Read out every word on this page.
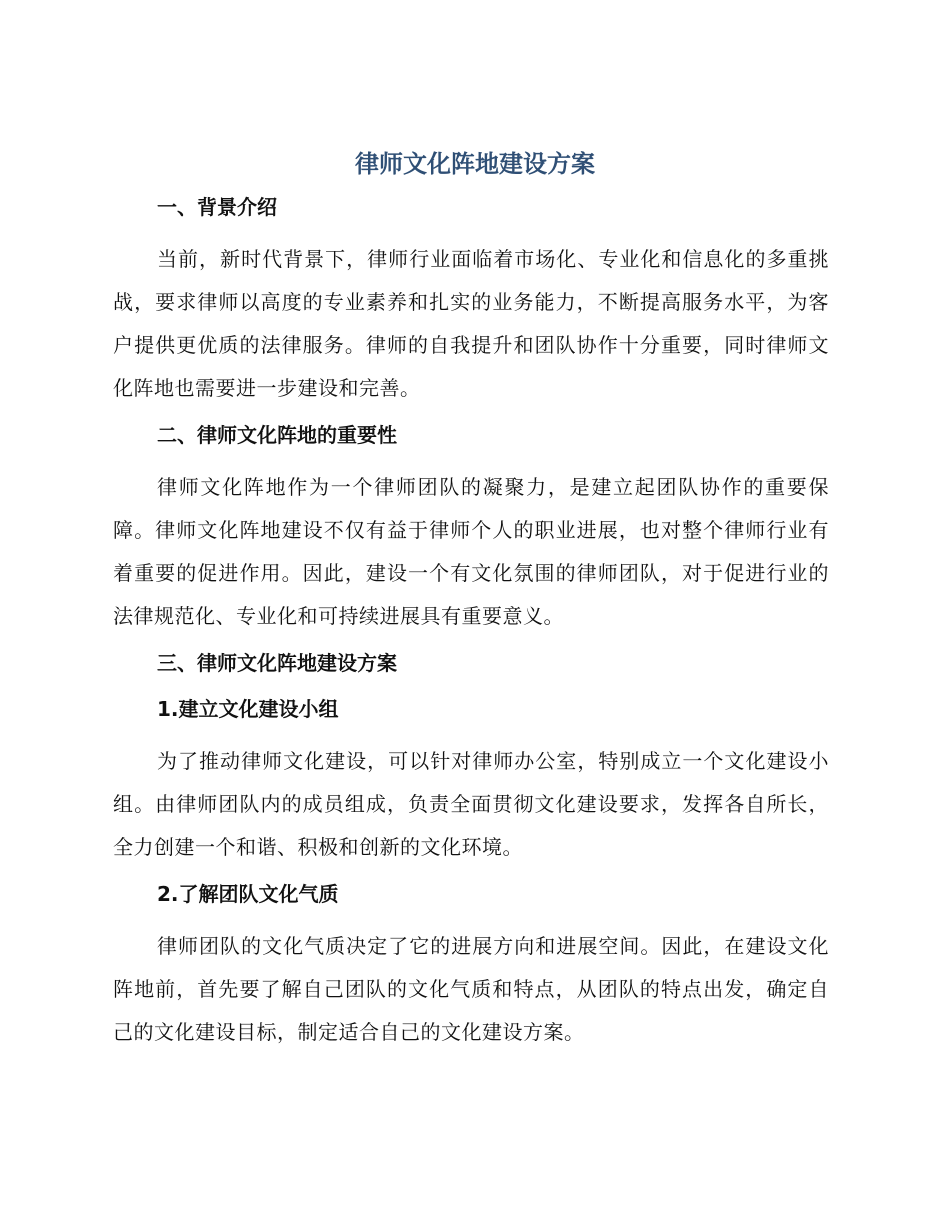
律师文化阵地建设方案
一、背景介绍

当前，新时代背景下，律师行业面临着市场化、专业化和信息化的多重挑战，要求律师以高度的专业素养和扎实的业务能力，不断提高服务水平，为客户提供更优质的法律服务。律师的自我提升和团队协作十分重要，同时律师文化阵地也需要进一步建设和完善。

二、律师文化阵地的重要性

律师文化阵地作为一个律师团队的凝聚力，是建立起团队协作的重要保障。律师文化阵地建设不仅有益于律师个人的职业进展，也对整个律师行业有着重要的促进作用。因此，建设一个有文化氛围的律师团队，对于促进行业的法律规范化、专业化和可持续进展具有重要意义。

三、律师文化阵地建设方案
1.建立文化建设小组

为了推动律师文化建设，可以针对律师办公室，特别成立一个文化建设小组。由律师团队内的成员组成，负责全面贯彻文化建设要求，发挥各自所长，全力创建一个和谐、积极和创新的文化环境。

2.了解团队文化气质

律师团队的文化气质决定了它的进展方向和进展空间。因此，在建设文化阵地前，首先要了解自己团队的文化气质和特点，从团队的特点出发，确定自己的文化建设目标，制定适合自己的文化建设方案。
